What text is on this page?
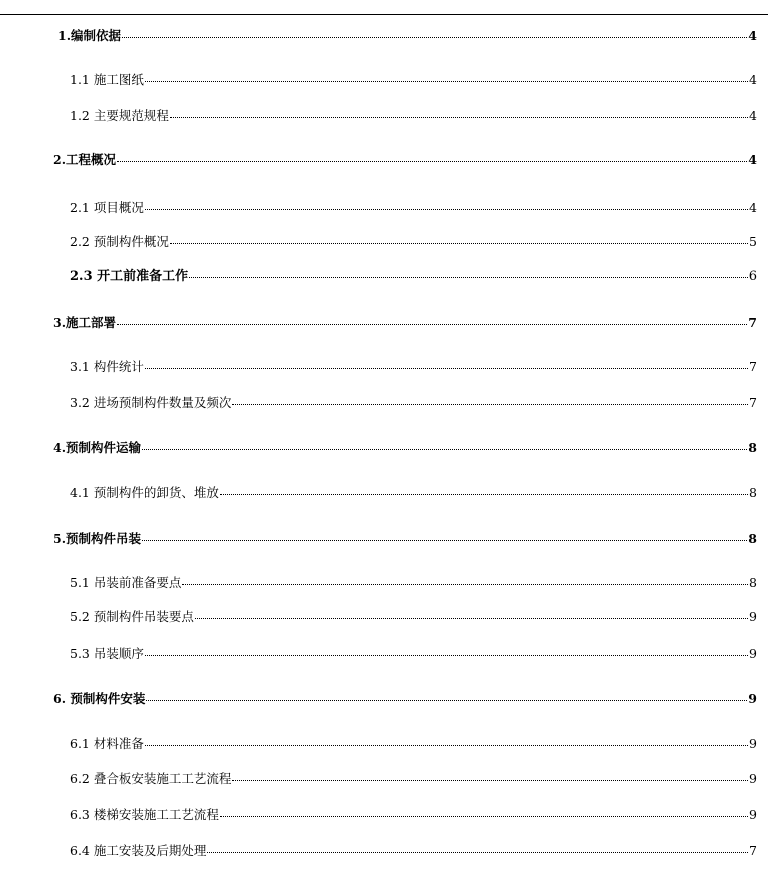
1.编制依据	4
1.1 施工图纸	4
1.2 主要规范规程	4
2.工程概况	4
2.1 项目概况	4
2.2 预制构件概况	5
2.3 开工前准备工作	6
3.施工部署	7
3.1 构件统计	7
3.2 进场预制构件数量及频次	7
4.预制构件运输	8
4.1 预制构件的卸货、堆放	8
5.预制构件吊装	8
5.1 吊装前准备要点	8
5.2 预制构件吊装要点	9
5.3 吊装顺序	9
6. 预制构件安装	9
6.1 材料准备	9
6.2 叠合板安装施工工艺流程	9
6.3 楼梯安装施工工艺流程	9
6.4 施工安装及后期处理	7
